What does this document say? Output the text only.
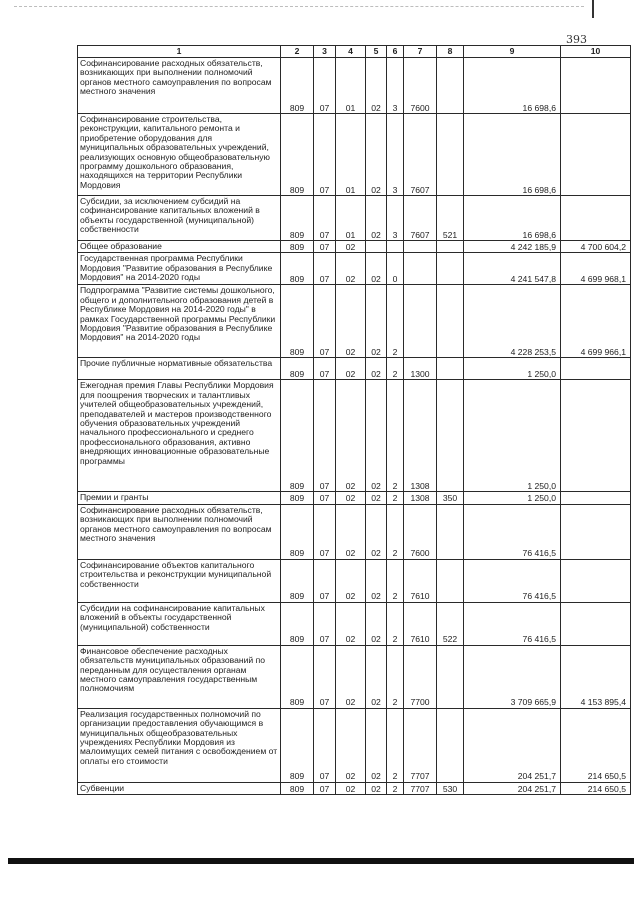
393
1	2	3	4	5	6	7	8	9	10
Софинансирование расходных обязательств, возникающих при выполнении полномочий органов местного самоуправления по вопросам местного значения	809	07	01	02	3	7600		16 698,6	
Софинансирование строительства, реконструкции, капитального ремонта и приобретение оборудования для муниципальных образовательных учреждений, реализующих основную общеобразовательную программу дошкольного образования, находящихся на территории Республики Мордовия	809	07	01	02	3	7607		16 698,6	
Субсидии, за исключением субсидий на софинансирование капитальных вложений в объекты государственной (муниципальной) собственности	809	07	01	02	3	7607	521	16 698,6	
Общее образование	809	07	02					4 242 185,9	4 700 604,2
Государственная программа Республики Мордовия "Развитие образования в Республике Мордовия" на 2014-2020 годы	809	07	02	02	0			4 241 547,8	4 699 968,1
Подпрограмма "Развитие системы дошкольного, общего и дополнительного образования детей в Республике Мордовия на 2014-2020 годы" в рамках Государственной программы Республики Мордовия "Развитие образования в Республике Мордовия" на 2014-2020 годы	809	07	02	02	2			4 228 253,5	4 699 966,1
Прочие публичные нормативные обязательства	809	07	02	02	2	1300		1 250,0	
Ежегодная премия Главы Республики Мордовия для поощрения творческих и талантливых учителей общеобразовательных учреждений, преподавателей и мастеров производственного обучения образовательных учреждений начального профессионального и среднего профессионального образования, активно внедряющих инновационные образовательные программы	809	07	02	02	2	1308		1 250,0	
Премии и гранты	809	07	02	02	2	1308	350	1 250,0	
Софинансирование расходных обязательств, возникающих при выполнении полномочий органов местного самоуправления по вопросам местного значения	809	07	02	02	2	7600		76 416,5	
Софинансирование объектов капитального строительства и реконструкции муниципальной собственности	809	07	02	02	2	7610		76 416,5	
Субсидии на софинансирование капитальных вложений в объекты государственной (муниципальной) собственности	809	07	02	02	2	7610	522	76 416,5	
Финансовое обеспечение расходных обязательств муниципальных образований по переданным для осуществления органам местного самоуправления государственным полномочиям	809	07	02	02	2	7700		3 709 665,9	4 153 895,4
Реализация государственных полномочий по организации предоставления обучающимся в муниципальных общеобразовательных учреждениях Республики Мордовия из малоимущих семей питания с освобождением от оплаты его стоимости	809	07	02	02	2	7707		204 251,7	214 650,5
Субвенции	809	07	02	02	2	7707	530	204 251,7	214 650,5
